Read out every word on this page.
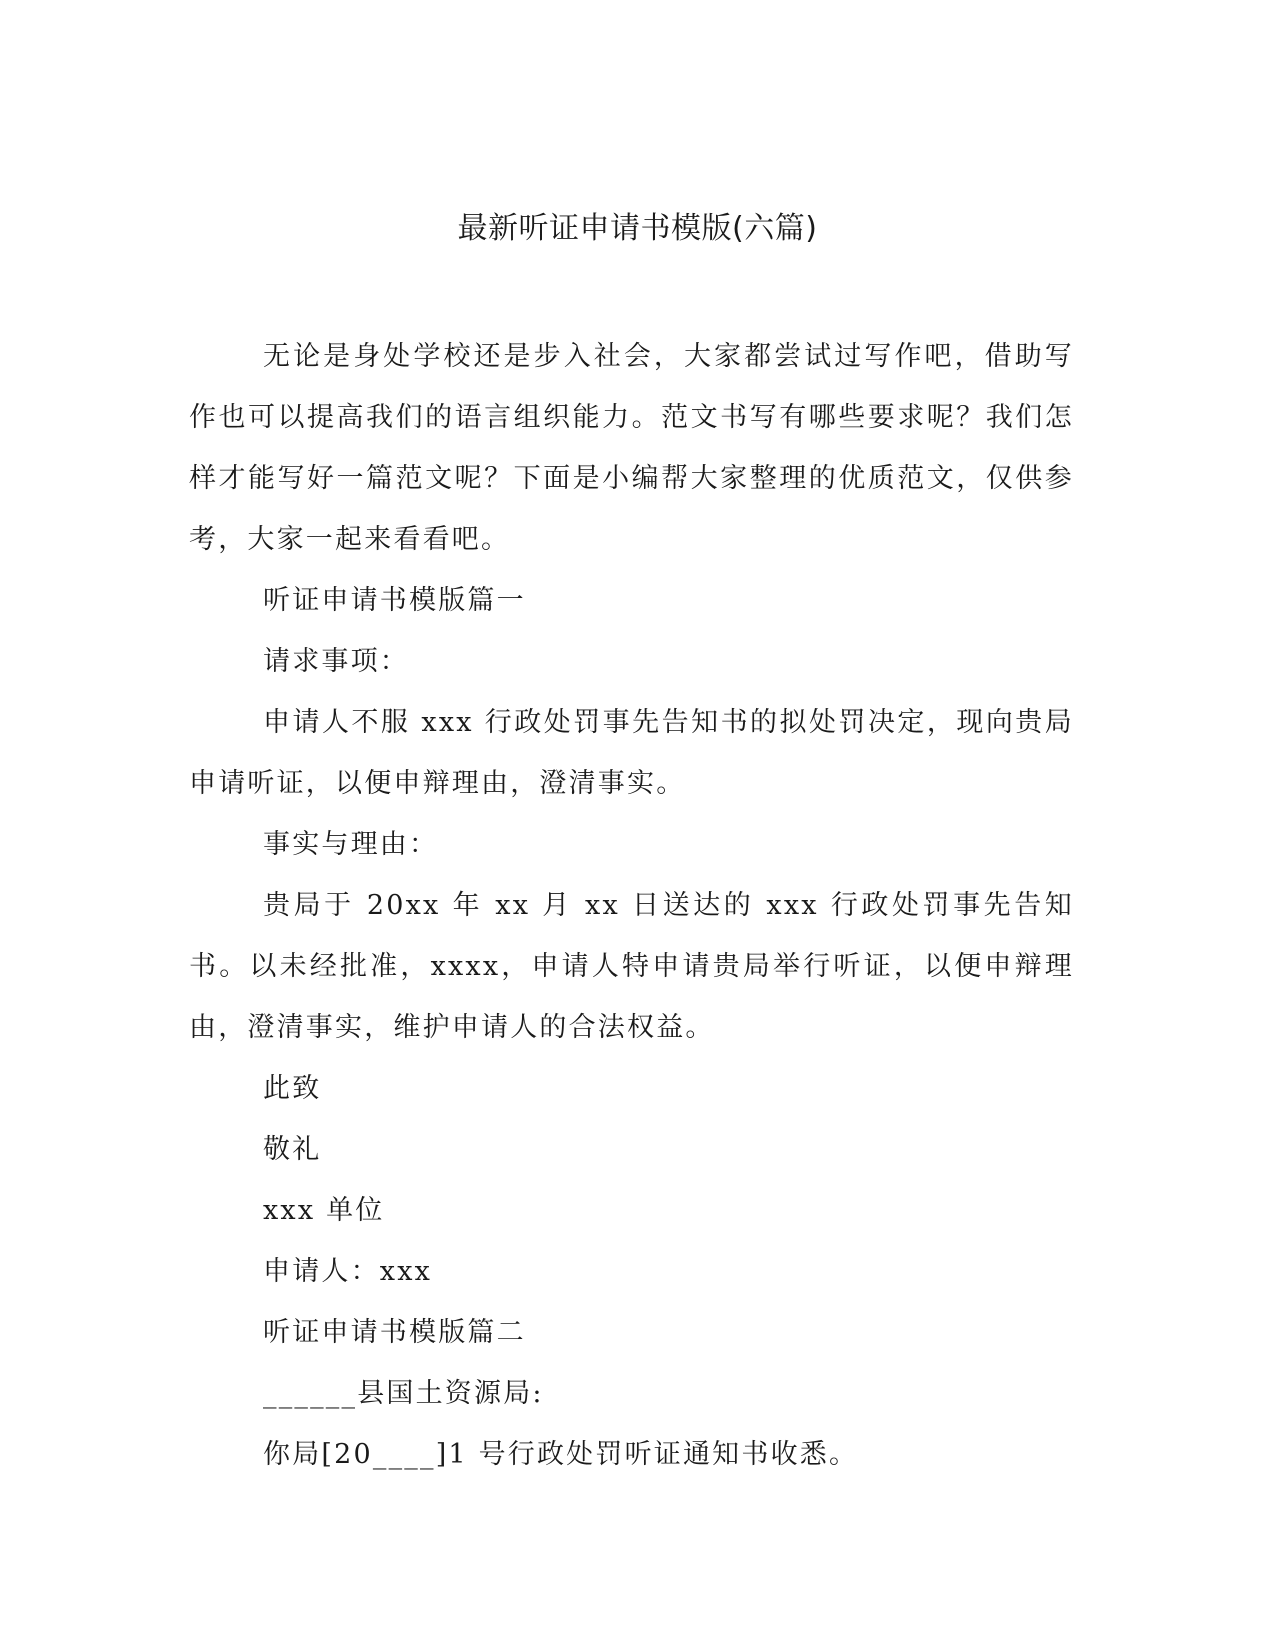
最新听证申请书模版(六篇)

无论是身处学校还是步入社会，大家都尝试过写作吧，借助写作也可以提高我们的语言组织能力。范文书写有哪些要求呢？我们怎样才能写好一篇范文呢？下面是小编帮大家整理的优质范文，仅供参考，大家一起来看看吧。

听证申请书模版篇一

请求事项：

申请人不服 xxx 行政处罚事先告知书的拟处罚决定，现向贵局申请听证，以便申辩理由，澄清事实。

事实与理由：

贵局于 20xx 年 xx 月 xx 日送达的 xxx 行政处罚事先告知书。以未经批准，xxxx，申请人特申请贵局举行听证，以便申辩理由，澄清事实，维护申请人的合法权益。

此致

敬礼

xxx 单位

申请人：xxx

听证申请书模版篇二

______县国土资源局:

你局[20____]1 号行政处罚听证通知书收悉。
